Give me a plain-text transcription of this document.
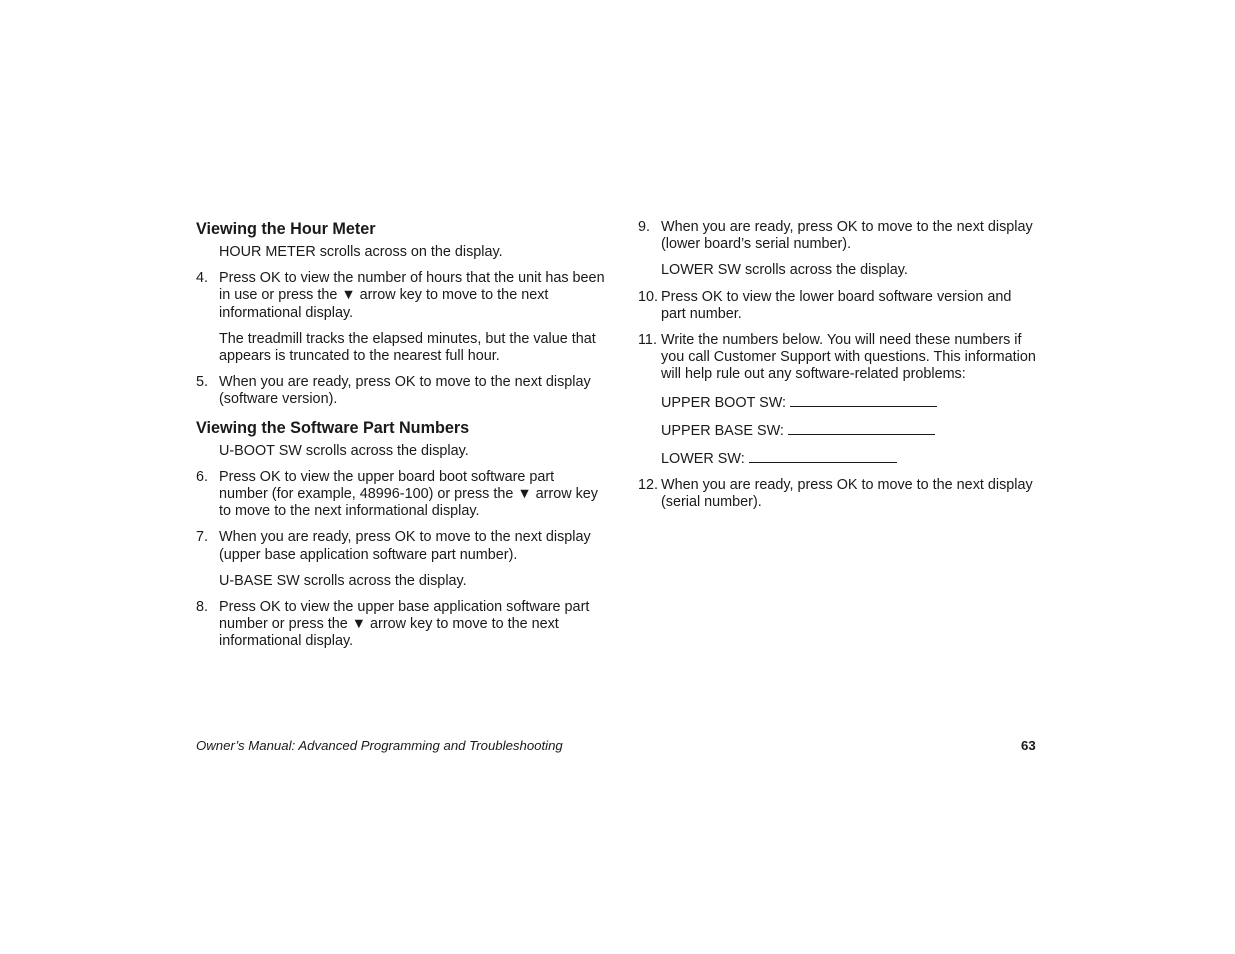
Viewing the Hour Meter

HOUR METER scrolls across on the display.

4. Press OK to view the number of hours that the unit has been in use or press the ▼ arrow key to move to the next informational display.

The treadmill tracks the elapsed minutes, but the value that appears is truncated to the nearest full hour.

5. When you are ready, press OK to move to the next display (software version).
Viewing the Software Part Numbers

U-BOOT SW scrolls across the display.

6. Press OK to view the upper board boot software part number (for example, 48996-100) or press the ▼ arrow key to move to the next informational display.
7. When you are ready, press OK to move to the next display (upper base application software part number).

U-BASE SW scrolls across the display.

8. Press OK to view the upper base application software part number or press the ▼ arrow key to move to the next informational display.
9. When you are ready, press OK to move to the next display (lower board’s serial number).

LOWER SW scrolls across the display.

10. Press OK to view the lower board software version and part number.
11. Write the numbers below. You will need these numbers if you call Customer Support with questions. This information will help rule out any software-related problems:

UPPER BOOT SW:

UPPER BASE SW:

LOWER SW:

12. When you are ready, press OK to move to the next display (serial number).
Owner’s Manual: Advanced Programming and Troubleshooting	63
